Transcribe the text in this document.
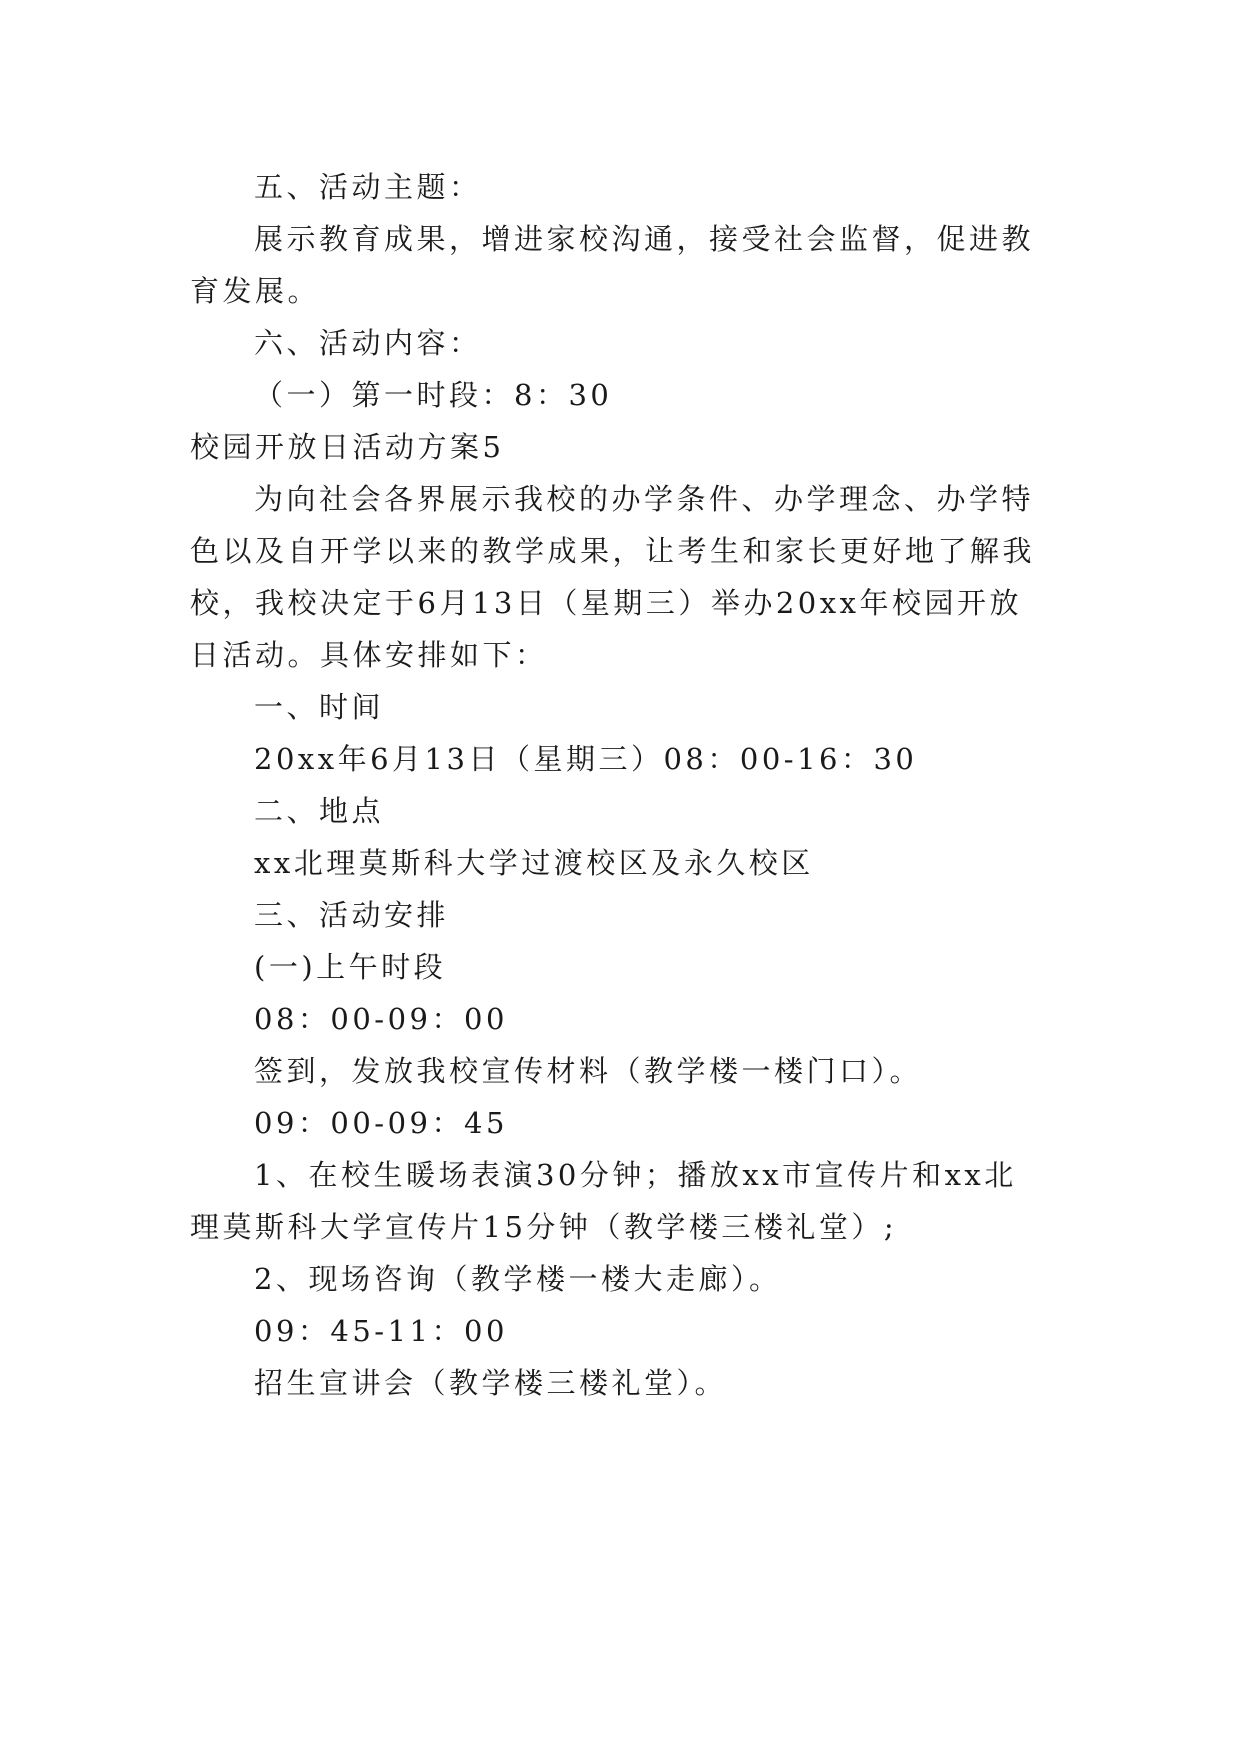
五、活动主题：
展示教育成果，增进家校沟通，接受社会监督，促进教
育发展。
六、活动内容：
（一）第一时段：8：30
校园开放日活动方案5
为向社会各界展示我校的办学条件、办学理念、办学特
色以及自开学以来的教学成果，让考生和家长更好地了解我
校，我校决定于6月13日（星期三）举办20xx年校园开放
日活动。具体安排如下：
一、时间
20xx年6月13日（星期三）08：00-16：30
二、地点
xx北理莫斯科大学过渡校区及永久校区
三、活动安排
(一)上午时段
08：00-09：00
签到，发放我校宣传材料（教学楼一楼门口）。
09：00-09：45
1、在校生暖场表演30分钟；播放xx市宣传片和xx北
理莫斯科大学宣传片15分钟（教学楼三楼礼堂）;
2、现场咨询（教学楼一楼大走廊）。
09：45-11：00
招生宣讲会（教学楼三楼礼堂）。
